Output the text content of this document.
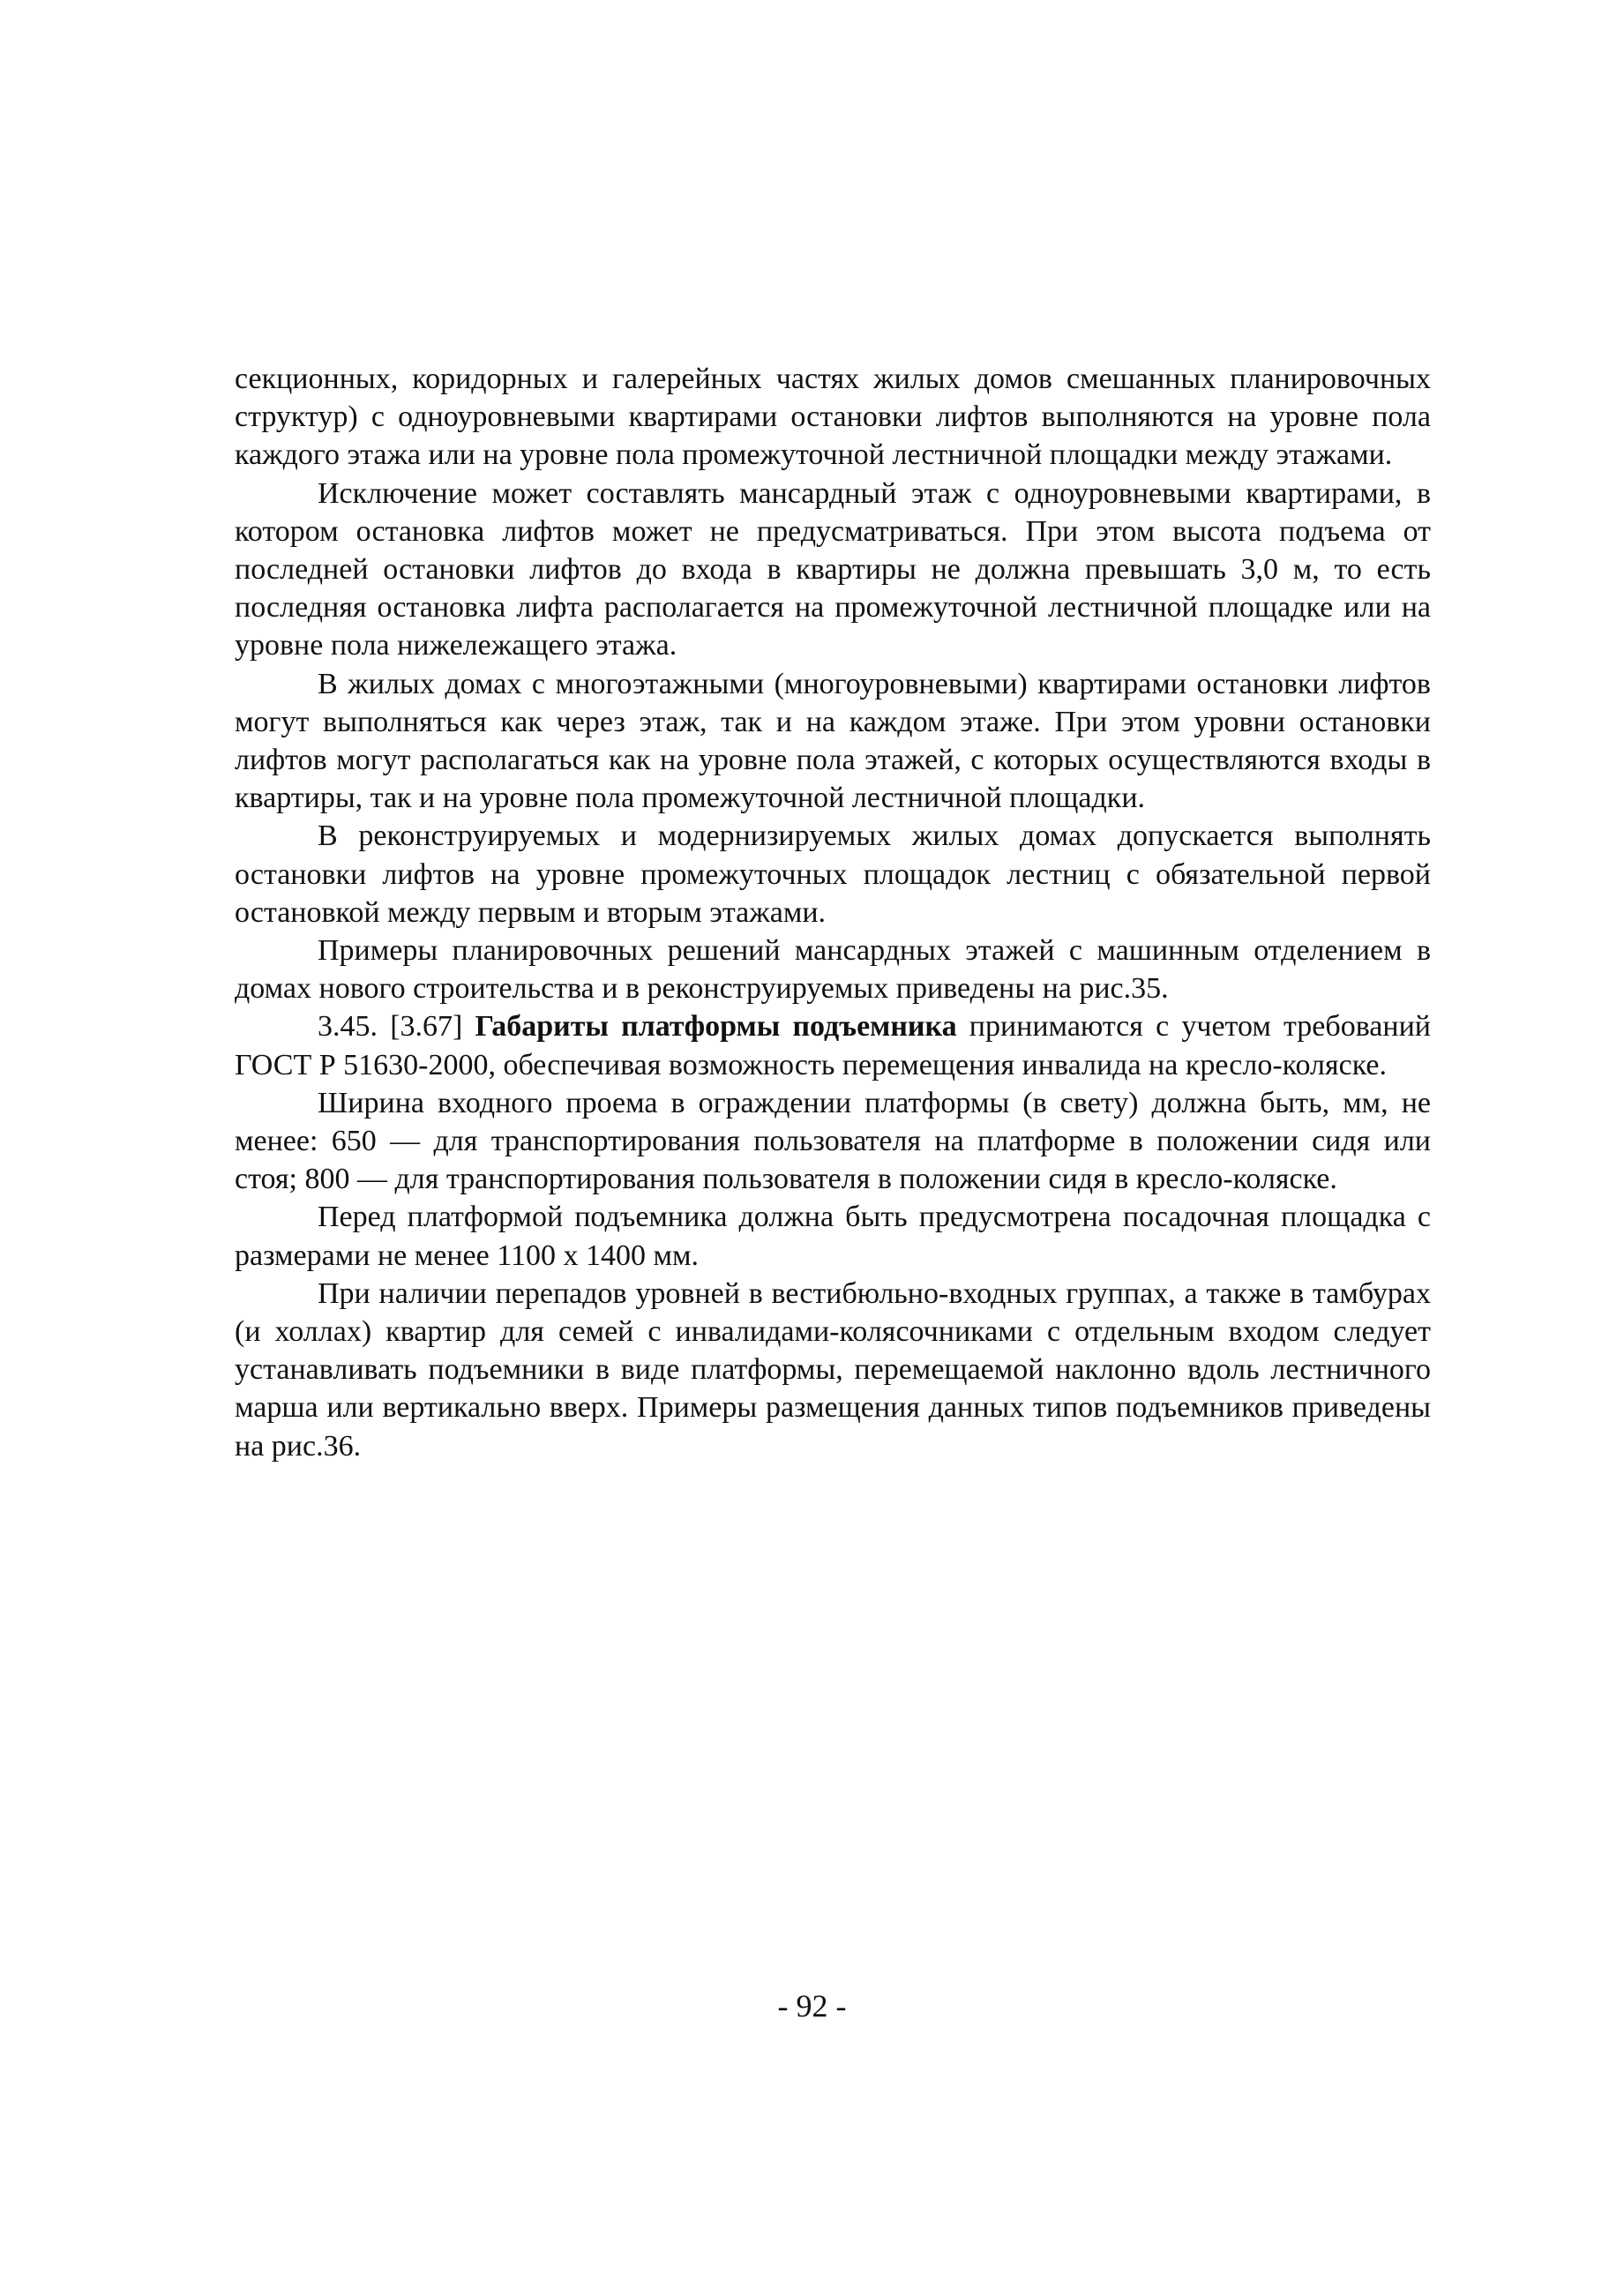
секционных, коридорных и галерейных частях жилых домов смешанных планировочных структур) с одноуровневыми квартирами остановки лифтов выполняются на уровне пола каждого этажа или на уровне пола промежуточной лестничной площадки между этажами.

Исключение может составлять мансардный этаж с одноуровневыми квартирами, в котором остановка лифтов может не предусматриваться. При этом высота подъема от последней остановки лифтов до входа в квартиры не должна превышать 3,0 м, то есть последняя остановка лифта располагается на промежуточной лестничной площадке или на уровне пола нижележащего этажа.

В жилых домах с многоэтажными (многоуровневыми) квартирами остановки лифтов могут выполняться как через этаж, так и на каждом этаже. При этом уровни остановки лифтов могут располагаться как на уровне пола этажей, с которых осуществляются входы в квартиры, так и на уровне пола промежуточной лестничной площадки.

В реконструируемых и модернизируемых жилых домах допускается выполнять остановки лифтов на уровне промежуточных площадок лестниц с обязательной первой остановкой между первым и вторым этажами.

Примеры планировочных решений мансардных этажей с машинным отделением в домах нового строительства и в реконструируемых приведены на рис.35.

3.45. [3.67] Габариты платформы подъемника принимаются с учетом требований ГОСТ Р 51630-2000, обеспечивая возможность перемещения инвалида на кресло-коляске.

Ширина входного проема в ограждении платформы (в свету) должна быть, мм, не менее: 650 — для транспортирования пользователя на платформе в положении сидя или стоя; 800 — для транспортирования пользователя в положении сидя в кресло-коляске.

Перед платформой подъемника должна быть предусмотрена посадочная площадка с размерами не менее 1100 х 1400 мм.

При наличии перепадов уровней в вестибюльно-входных группах, а также в тамбурах (и холлах) квартир для семей с инвалидами-колясочниками с отдельным входом следует устанавливать подъемники в виде платформы, перемещаемой наклонно вдоль лестничного марша или вертикально вверх. Примеры размещения данных типов подъемников приведены на рис.36.

- 92 -
